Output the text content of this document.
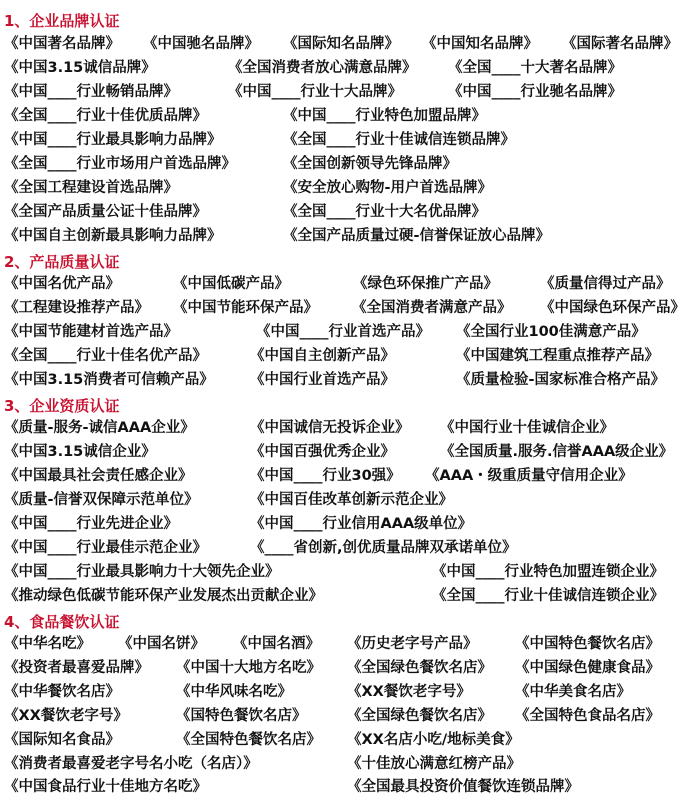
1、企业品牌认证
《中国著名品牌》 《中国驰名品牌》 《国际知名品牌》 《中国知名品牌》 《国际著名品牌》
《中国3.15诚信品牌》	《全国消费者放心满意品牌》 《全国____十大著名品牌》
《中国____行业畅销品牌》	《中国____行业十大品牌》	《中国____行业驰名品牌》
《全国____行业十佳优质品牌》	《中国____行业特色加盟品牌》
《中国____行业最具影响力品牌》	《全国____行业十佳诚信连锁品牌》
《全国____行业市场用户首选品牌》	《全国创新领导先锋品牌》
《全国工程建设首选品牌》	《安全放心购物-用户首选品牌》
《全国产品质量公证十佳品牌》	《全国____行业十大名优品牌》
《中国自主创新最具影响力品牌》	《全国产品质量过硬-信誉保证放心品牌》
2、产品质量认证
《中国名优产品》	《中国低碳产品》	《绿色环保推广产品》	《质量信得过产品》
《工程建设推荐产品》 《中国节能环保产品》 《全国消费者满意产品》 《中国绿色环保产品》
《中国节能建材首选产品》	《中国____行业首选产品》 《全国行业100佳满意产品》
《全国____行业十佳名优产品》	《中国自主创新产品》	《中国建筑工程重点推荐产品》
《中国3.15消费者可信赖产品》 《中国行业首选产品》	《质量检验-国家标准合格产品》
3、企业资质认证
《质量-服务-诚信AAA企业》	《中国诚信无投诉企业》 《中国行业十佳诚信企业》
《中国3.15诚信企业》	《中国百强优秀企业》	《全国质量.服务.信誉AAA级企业》
《中国最具社会责任感企业》	《中国____行业30强》 《AAA・级重质量守信用企业》
《质量-信誉双保障示范单位》	《中国百佳改革创新示范企业》
《中国____行业先进企业》	《中国____行业信用AAA级单位》
《中国____行业最佳示范企业》	《____省创新,创优质量品牌双承诺单位》
《中国____行业最具影响力十大领先企业》	《中国____行业特色加盟连锁企业》
《推动绿色低碳节能环保产业发展杰出贡献企业》	《全国____行业十佳诚信连锁企业》
4、食品餐饮认证
《中华名吃》 《中国名饼》 《中国名酒》 《历史老字号产品》	《中国特色餐饮名店》
《投资者最喜爱品牌》 《中国十大地方名吃》 《全国绿色餐饮名店》 《中国绿色健康食品》
《中华餐饮名店》	《中华风味名吃》	《XX餐饮老字号》	《中华美食名店》
《XX餐饮老字号》	《国特色餐饮名店》	《全国绿色餐饮名店》 《全国特色食品名店》
《国际知名食品》	《全国特色餐饮名店》 《XX名店小吃/地标美食》
《消费者最喜爱老字号名小吃（名店）》	《十佳放心满意红榜产品》
《中国食品行业十佳地方名吃》	《全国最具投资价值餐饮连锁品牌》
